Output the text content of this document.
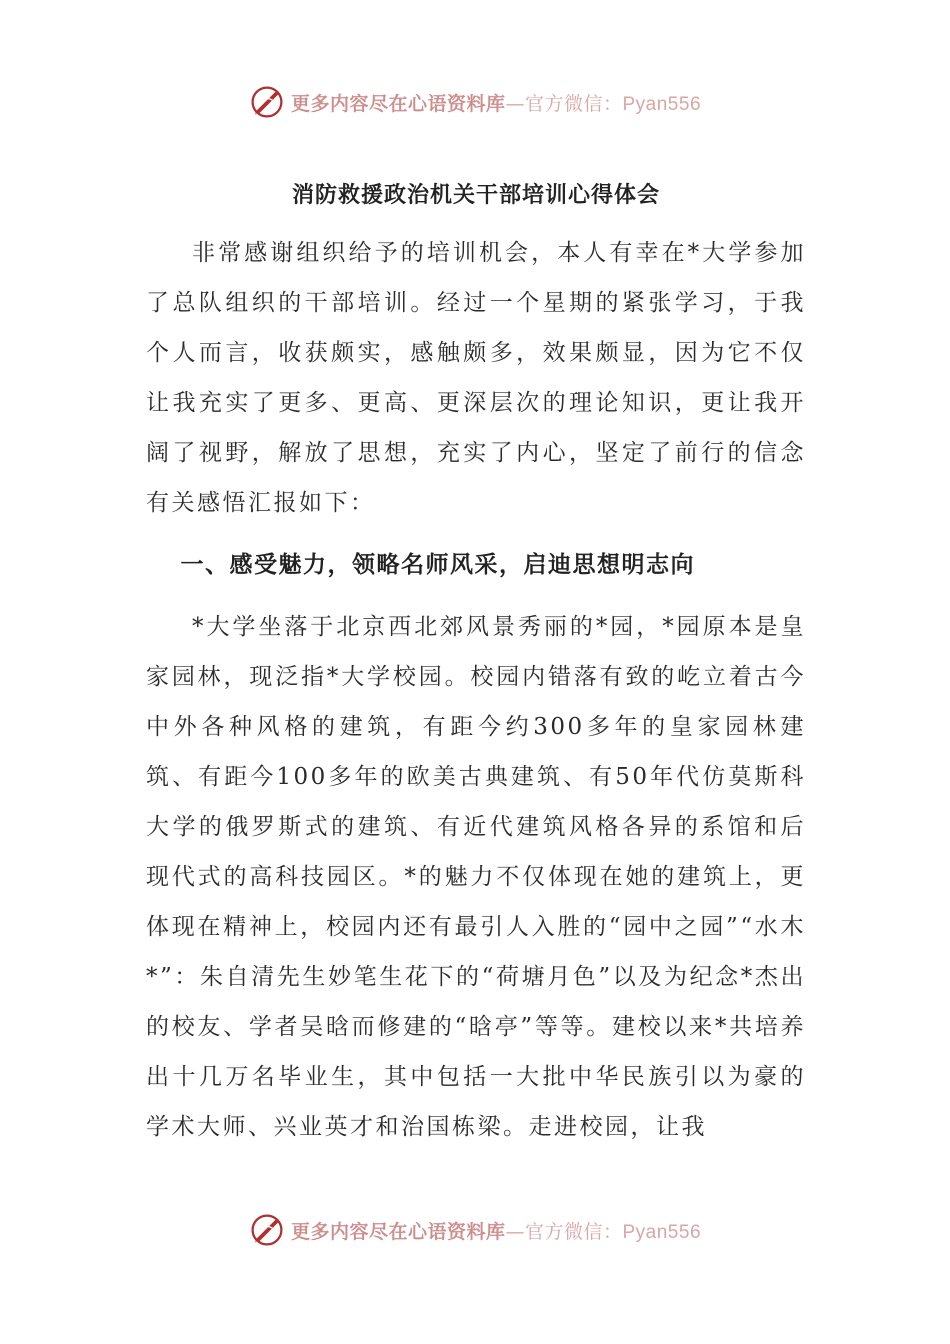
更多内容尽在心语资料库—官方微信：Pyan556
消防救援政治机关干部培训心得体会

非常感谢组织给予的培训机会，本人有幸在*大学参加了总队组织的干部培训。经过一个星期的紧张学习，于我个人而言，收获颇实，感触颇多，效果颇显，因为它不仅让我充实了更多、更高、更深层次的理论知识，更让我开阔了视野，解放了思想，充实了内心，坚定了前行的信念有关感悟汇报如下：

一、感受魅力，领略名师风采，启迪思想明志向

*大学坐落于北京西北郊风景秀丽的*园，*园原本是皇家园林，现泛指*大学校园。校园内错落有致的屹立着古今中外各种风格的建筑，有距今约300多年的皇家园林建筑、有距今100多年的欧美古典建筑、有50年代仿莫斯科大学的俄罗斯式的建筑、有近代建筑风格各异的系馆和后现代式的高科技园区。*的魅力不仅体现在她的建筑上，更体现在精神上，校园内还有最引人入胜的“园中之园”“水木*”：朱自清先生妙笔生花下的“荷塘月色”以及为纪念*杰出的校友、学者吴晗而修建的“晗亭”等等。建校以来*共培养出十几万名毕业生，其中包括一大批中华民族引以为豪的学术大师、兴业英才和治国栋梁。走进校园，让我

更多内容尽在心语资料库—官方微信：Pyan556
